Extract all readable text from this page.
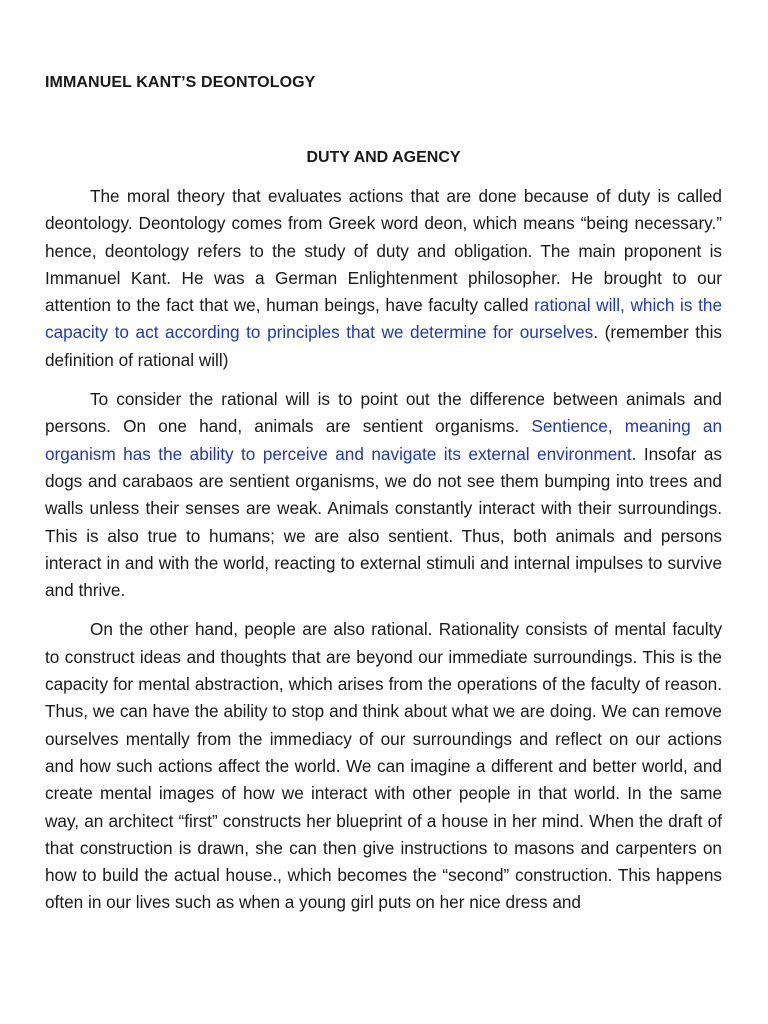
IMMANUEL KANT’S DEONTOLOGY
DUTY AND AGENCY

The moral theory that evaluates actions that are done because of duty is called deontology. Deontology comes from Greek word deon, which means “being necessary.” hence, deontology refers to the study of duty and obligation. The main proponent is Immanuel Kant. He was a German Enlightenment philosopher. He brought to our attention to the fact that we, human beings, have faculty called rational will, which is the capacity to act according to principles that we determine for ourselves. (remember this definition of rational will)

To consider the rational will is to point out the difference between animals and persons. On one hand, animals are sentient organisms. Sentience, meaning an organism has the ability to perceive and navigate its external environment. Insofar as dogs and carabaos are sentient organisms, we do not see them bumping into trees and walls unless their senses are weak. Animals constantly interact with their surroundings. This is also true to humans; we are also sentient. Thus, both animals and persons interact in and with the world, reacting to external stimuli and internal impulses to survive and thrive.

On the other hand, people are also rational. Rationality consists of mental faculty to construct ideas and thoughts that are beyond our immediate surroundings. This is the capacity for mental abstraction, which arises from the operations of the faculty of reason. Thus, we can have the ability to stop and think about what we are doing. We can remove ourselves mentally from the immediacy of our surroundings and reflect on our actions and how such actions affect the world. We can imagine a different and better world, and create mental images of how we interact with other people in that world. In the same way, an architect “first” constructs her blueprint of a house in her mind. When the draft of that construction is drawn, she can then give instructions to masons and carpenters on how to build the actual house., which becomes the “second” construction. This happens often in our lives such as when a young girl puts on her nice dress and
